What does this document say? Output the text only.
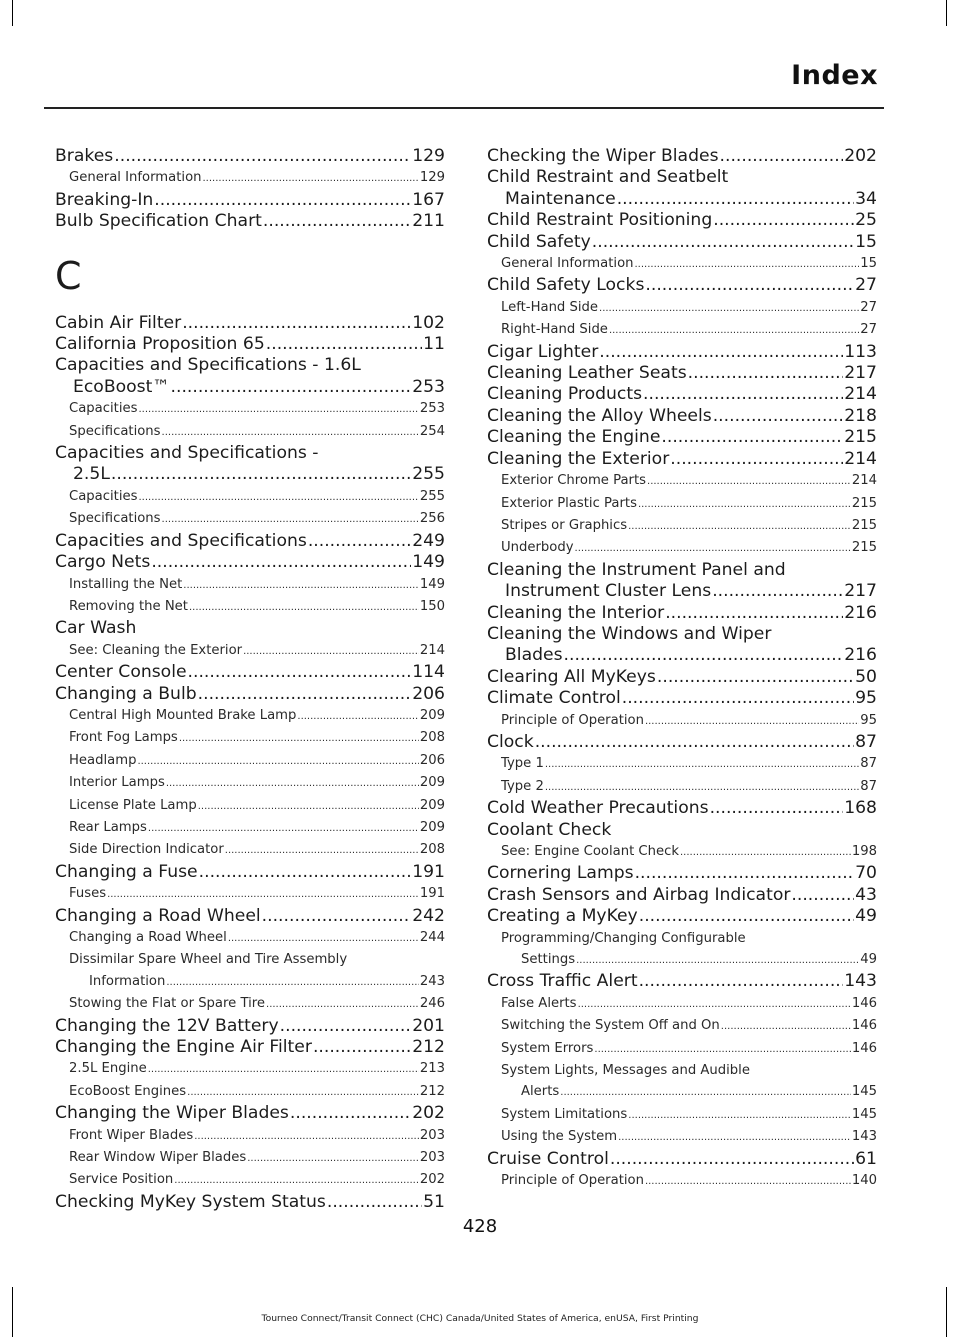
Index
Brakes .....	129
General Information .....	129
Breaking-In .....	167
Bulb Specification Chart .....	211
C
Cabin Air Filter .....	102
California Proposition 65 .....	11
Capacities and Specifications - 1.6L
EcoBoost™ .....	253
Capacities .....	253
Specifications .....	254
Capacities and Specifications -
2.5L .....	255
Capacities .....	255
Specifications .....	256
Capacities and Specifications .....	249
Cargo Nets .....	149
Installing the Net .....	149
Removing the Net .....	150
Car Wash
See: Cleaning the Exterior .....	214
Center Console .....	114
Changing a Bulb .....	206
Central High Mounted Brake Lamp .....	209
Front Fog Lamps .....	208
Headlamp .....	206
Interior Lamps .....	209
License Plate Lamp .....	209
Rear Lamps .....	209
Side Direction Indicator .....	208
Changing a Fuse .....	191
Fuses .....	191
Changing a Road Wheel .....	242
Changing a Road Wheel .....	244
Dissimilar Spare Wheel and Tire Assembly
Information .....	243
Stowing the Flat or Spare Tire .....	246
Changing the 12V Battery .....	201
Changing the Engine Air Filter .....	212
2.5L Engine .....	213
EcoBoost Engines .....	212
Changing the Wiper Blades .....	202
Front Wiper Blades .....	203
Rear Window Wiper Blades .....	203
Service Position .....	202
Checking MyKey System Status .....	51
Checking the Wiper Blades .....	202
Child Restraint and Seatbelt
Maintenance .....	34
Child Restraint Positioning .....	25
Child Safety .....	15
General Information .....	15
Child Safety Locks .....	27
Left-Hand Side .....	27
Right-Hand Side .....	27
Cigar Lighter .....	113
Cleaning Leather Seats .....	217
Cleaning Products .....	214
Cleaning the Alloy Wheels .....	218
Cleaning the Engine .....	215
Cleaning the Exterior .....	214
Exterior Chrome Parts .....	214
Exterior Plastic Parts .....	215
Stripes or Graphics .....	215
Underbody .....	215
Cleaning the Instrument Panel and
Instrument Cluster Lens .....	217
Cleaning the Interior .....	216
Cleaning the Windows and Wiper
Blades .....	216
Clearing All MyKeys .....	50
Climate Control .....	95
Principle of Operation .....	95
Clock .....	87
Type 1 .....	87
Type 2 .....	87
Cold Weather Precautions .....	168
Coolant Check
See: Engine Coolant Check .....	198
Cornering Lamps .....	70
Crash Sensors and Airbag Indicator .....	43
Creating a MyKey .....	49
Programming/Changing Configurable
Settings .....	49
Cross Traffic Alert .....	143
False Alerts .....	146
Switching the System Off and On .....	146
System Errors .....	146
System Lights, Messages and Audible
Alerts .....	145
System Limitations .....	145
Using the System .....	143
Cruise Control .....	61
Principle of Operation .....	140
428
Tourneo Connect/Transit Connect (CHC) Canada/United States of America, enUSA, First Printing
